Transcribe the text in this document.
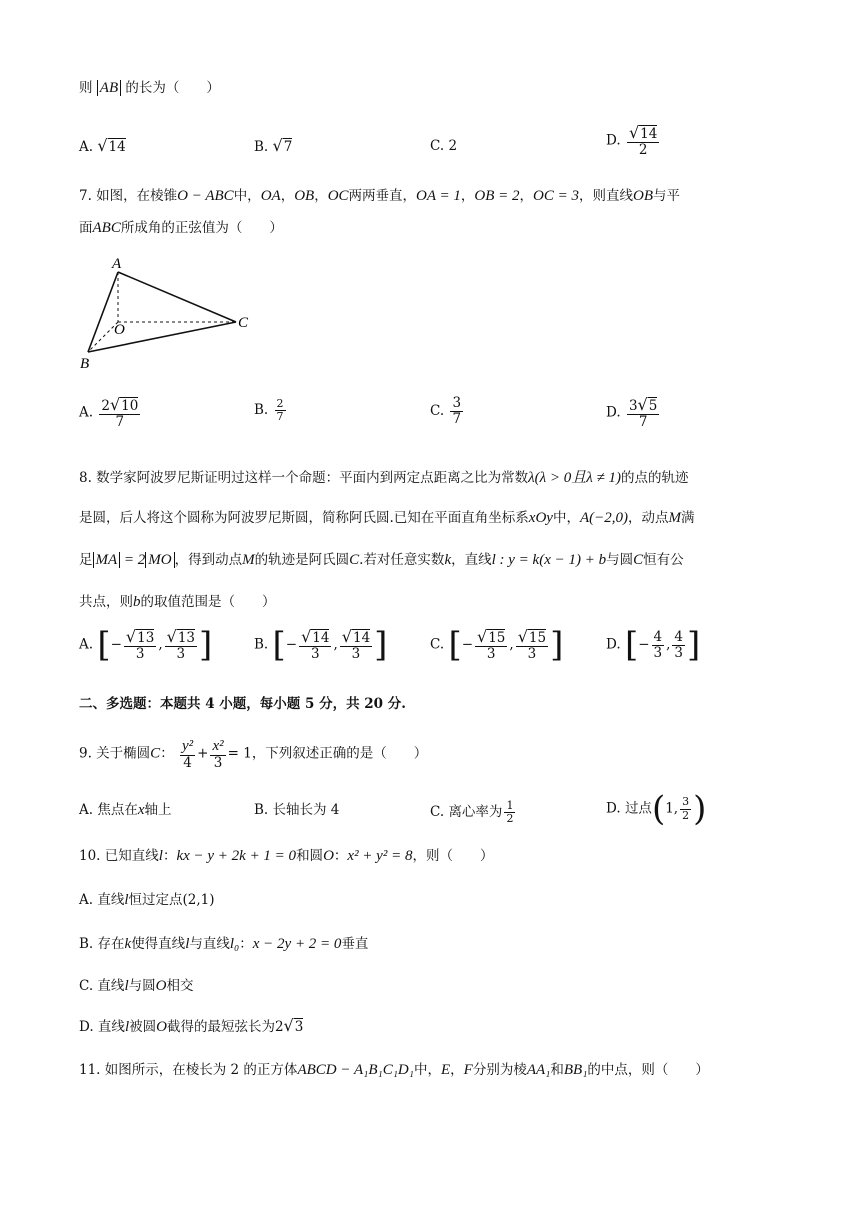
则 AB 的长为（　　）
A. √14	B. √7	C. 2	D. $\frac{√14}{2}$
7. 如图，在棱锥O − ABC中，OA，OB，OC两两垂直，OA = 1，OB = 2，OC = 3，则直线OB与平
面ABC所成角的正弦值为（　　）
A
O	C
B
A. $\frac{2√10}{7}$	B. $\frac{2}{7}$	C. $\frac{3}{7}$	D. $\frac{3√5}{7}$
8. 数学家阿波罗尼斯证明过这样一个命题：平面内到两定点距离之比为常数λ(λ > 0且λ ≠ 1)的点的轨迹
是圆，后人将这个圆称为阿波罗尼斯圆，简称阿氏圆.已知在平面直角坐标系xOy中，A(−2,0)，动点M满
足 MA = 2 MO ，得到动点M的轨迹是阿氏圆C.若对任意实数k，直线l : y = k(x − 1) + b与圆C恒有公
共点，则b的取值范围是（　　）
A. [− $\frac{√13}{3}$ , $\frac{√13}{3}$ ]	B. [− $\frac{√14}{3}$ , $\frac{√14}{3}$ ]	C. [− $\frac{√15}{3}$ , $\frac{√15}{3}$ ]	D. [− $\frac{4}{3}$ , $\frac{4}{3}$ ]
二、多选题：本题共 4 小题，每小题 5 分，共 20 分.
9. 关于椭圆C： $\frac{\text{y²}}{4} + \frac{\text{x²}}{3} = 1$，下列叙述正确的是（　　）
A. 焦点在x轴上	B. 长轴长为 4	C. 离心率为 $\frac{1}{2}$	D. 过点(1, $\frac{3}{2}$ )
10. 已知直线l：kx − y + 2k + 1 = 0和圆O：x² + y² = 8，则（　　）
A. 直线l恒过定点(2,1)
B. 存在k使得直线l与直线l₀：x − 2y + 2 = 0垂直
C. 直线l与圆O相交
D. 直线l被圆O截得的最短弦长为2√3
11. 如图所示，在棱长为 2 的正方体ABCD − A₁B₁C₁D₁中，E，F分别为棱AA₁和BB₁的中点，则（　　）
